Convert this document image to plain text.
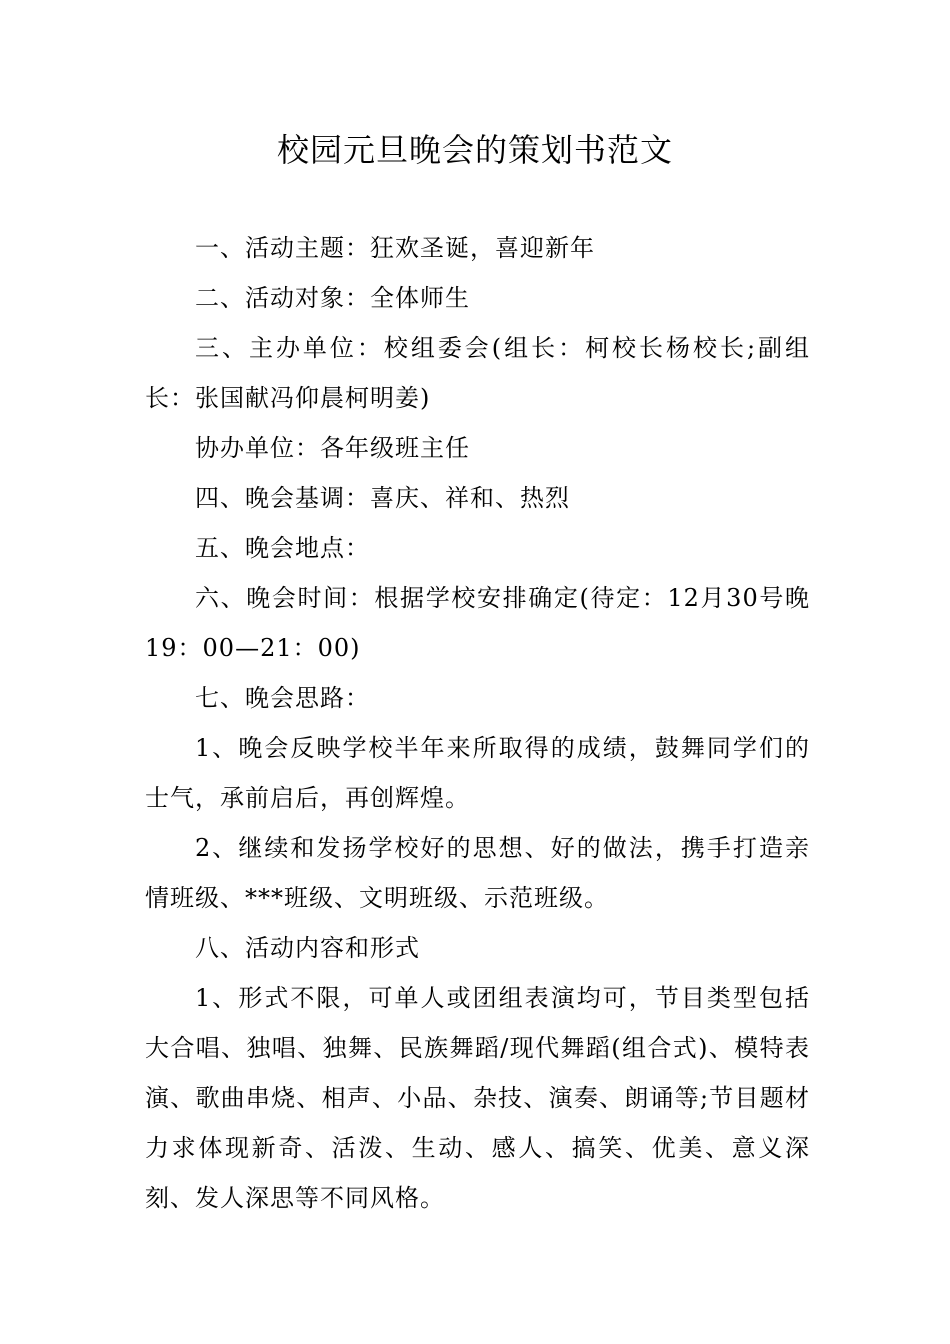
校园元旦晚会的策划书范文

一、活动主题：狂欢圣诞，喜迎新年

二、活动对象：全体师生

三、主办单位：校组委会(组长：柯校长杨校长;副组长：张国献冯仰晨柯明姜)

协办单位：各年级班主任

四、晚会基调：喜庆、祥和、热烈

五、晚会地点：

六、晚会时间：根据学校安排确定(待定：12月30号晚19：00—21：00)

七、晚会思路：

1、晚会反映学校半年来所取得的成绩，鼓舞同学们的士气，承前启后，再创辉煌。

2、继续和发扬学校好的思想、好的做法，携手打造亲情班级、***班级、文明班级、示范班级。

八、活动内容和形式

1、形式不限，可单人或团组表演均可，节目类型包括大合唱、独唱、独舞、民族舞蹈/现代舞蹈(组合式)、模特表演、歌曲串烧、相声、小品、杂技、演奏、朗诵等;节目题材力求体现新奇、活泼、生动、感人、搞笑、优美、意义深刻、发人深思等不同风格。
